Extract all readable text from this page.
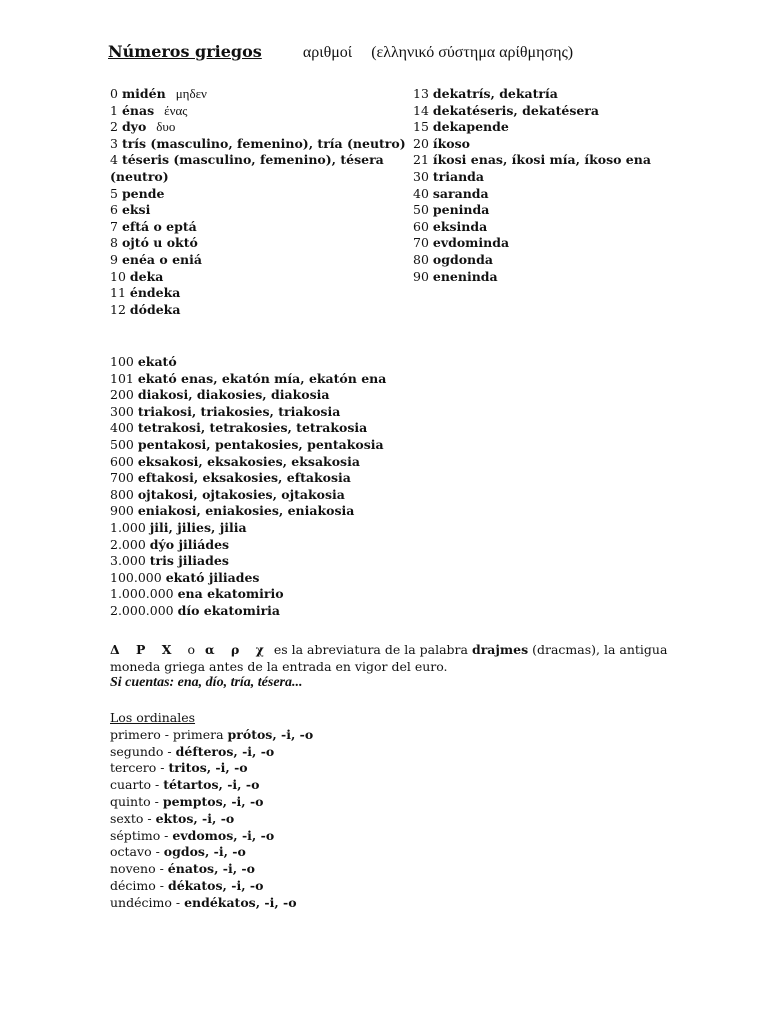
Números griegos	αριθμοί (ελληνικό σύστημα αρίθμησης)
0 midén μηδεν
1 énas ένας
2 dyo δυο
3 trís (masculino, femenino), tría (neutro)
4 téseris (masculino, femenino), tésera (neutro)
5 pende
6 eksi
7 eftá o eptá
8 ojtó u októ
9 enéa o eniá
10 deka
11 éndeka
12 dódeka
13 dekatrís, dekatría
14 dekatéseris, dekatésera
15 dekapende
20 íkoso
21 íkosi enas, íkosi mía, íkoso ena
30 trianda
40 saranda
50 peninda
60 eksinda
70 evdominda
80 ogdonda
90 eneninda
100 ekató
101 ekató enas, ekatón mía, ekatón ena
200 diakosi, diakosies, diakosia
300 triakosi, triakosies, triakosia
400 tetrakosi, tetrakosies, tetrakosia
500 pentakosi, pentakosies, pentakosia
600 eksakosi, eksakosies, eksakosia
700 eftakosi, eksakosies, eftakosia
800 ojtakosi, ojtakosies, ojtakosia
900 eniakosi, eniakosies, eniakosia
1.000 jili, jilies, jilia
2.000 dýo jiliádes
3.000 tris jiliades
100.000 ekató jiliades
1.000.000 ena ekatomirio
2.000.000 dío ekatomiria
Δ Ρ Χ o α ρ χ es la abreviatura de la palabra drajmes (dracmas), la antigua moneda griega antes de la entrada en vigor del euro.
Si cuentas: ena, dío, tría, tésera...
Los ordinales
primero - primera prótos, -i, -o
segundo - défteros, -i, -o
tercero - tritos, -i, -o
cuarto - tétartos, -i, -o
quinto - pemptos, -i, -o
sexto - ektos, -i, -o
séptimo - evdomos, -i, -o
octavo - ogdos, -i, -o
noveno - énatos, -i, -o
décimo - dékatos, -i, -o
undécimo - endékatos, -i, -o
